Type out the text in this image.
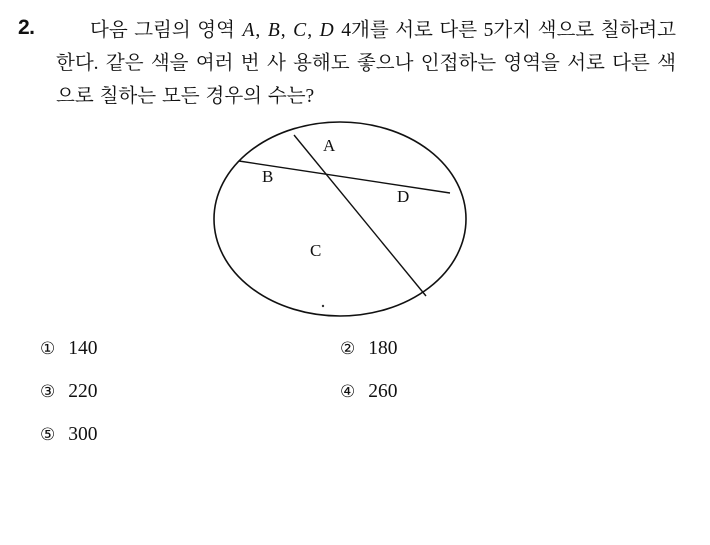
2.	다음 그림의 영역 A, B, C, D 4개를 서로 다른 5가지 색으로 칠하려고 한다. 같은 색을 여러 번 사 용해도 좋으나 인접하는 영역을 서로 다른 색으로 칠하는 모든 경우의 수는?
A
B
C
D
① 140	② 180
③ 220	④ 260
⑤ 300
